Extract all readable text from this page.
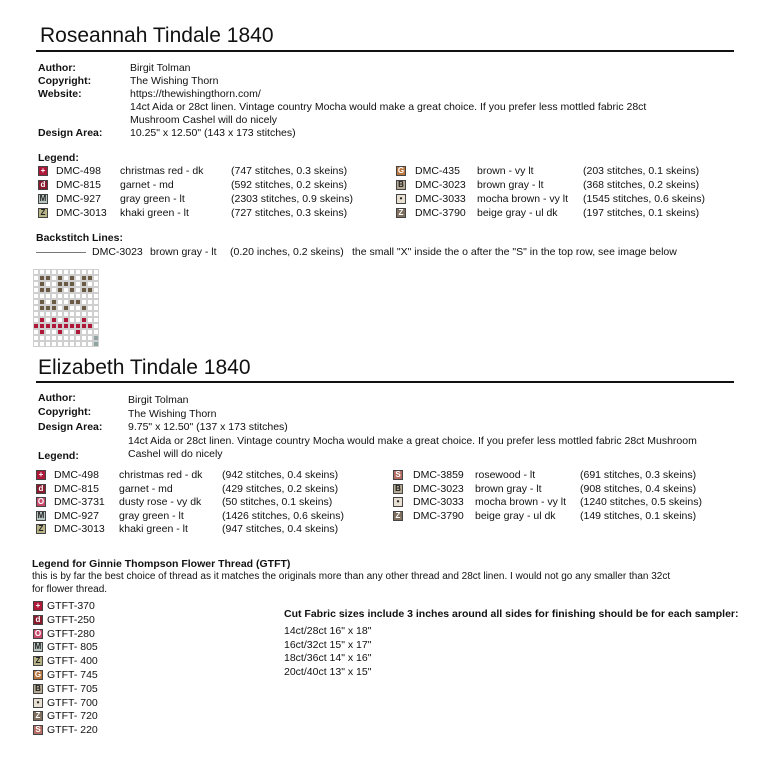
Roseannah Tindale 1840
Author:	Birgit Tolman
Copyright:	The Wishing Thorn
Website:	https://thewishingthorn.com/
14ct Aida or 28ct linen. Vintage country Mocha would make a great choice. If you prefer less mottled fabric 28ct
Mushroom Cashel will do nicely
Design Area:	10.25" x 12.50" (143 x 173 stitches)
Legend:
+ DMC-498 christmas red - dk	(747 stitches, 0.3 skeins)
d DMC-815 garnet - md	(592 stitches, 0.2 skeins)
M DMC-927 gray green - lt	(2303 stitches, 0.9 skeins)
Z DMC-3013 khaki green - lt	(727 stitches, 0.3 skeins)
G DMC-435 brown - vy lt	(203 stitches, 0.1 skeins)
B DMC-3023 brown gray - lt	(368 stitches, 0.2 skeins)
•	DMC-3033 mocha brown - vy lt (1545 stitches, 0.6 skeins)
Z DMC-3790 beige gray - ul dk (197 stitches, 0.1 skeins)
Backstitch Lines:
DMC-3023 brown gray - lt (0.20 inches, 0.2 skeins) the small "X" inside the o after the "S" in the top row, see image below
Elizabeth Tindale 1840
Author:	Birgit Tolman
Copyright:	The Wishing Thorn
Design Area: 9.75" x 12.50" (137 x 173 stitches)
14ct Aida or 28ct linen. Vintage country Mocha would make a great choice. If you prefer less mottled fabric 28ct Mushroom
Cashel will do nicely
Legend:
+ DMC-498 christmas red - dk (942 stitches, 0.4 skeins)
d DMC-815 garnet - md	(429 stitches, 0.2 skeins)
O DMC-3731 dusty rose - vy dk (50 stitches, 0.1 skeins)
M DMC-927 gray green - lt	(1426 stitches, 0.6 skeins)
Z DMC-3013 khaki green - lt	(947 stitches, 0.4 skeins)
S DMC-3859 rosewood - lt	(691 stitches, 0.3 skeins)
B DMC-3023 brown gray - lt	(908 stitches, 0.4 skeins)
•	DMC-3033 mocha brown - vy lt (1240 stitches, 0.5 skeins)
Z DMC-3790 beige gray - ul dk (149 stitches, 0.1 skeins)
Legend for Ginnie Thompson Flower Thread (GTFT)
this is by far the best choice of thread as it matches the originals more than any other thread and 28ct linen. I would not go any smaller than 32ct
for flower thread.
+ GTFT-370
d GTFT-250
O GTFT-280
M GTFT- 805
Z GTFT- 400
G GTFT- 745
B GTFT- 705
• GTFT- 700
Z GTFT- 720
S GTFT- 220
Cut Fabric sizes include 3 inches around all sides for finishing should be for each sampler:
14ct/28ct 16" x 18"
16ct/32ct 15" x 17"
18ct/36ct 14" x 16"
20ct/40ct 13" x 15"
